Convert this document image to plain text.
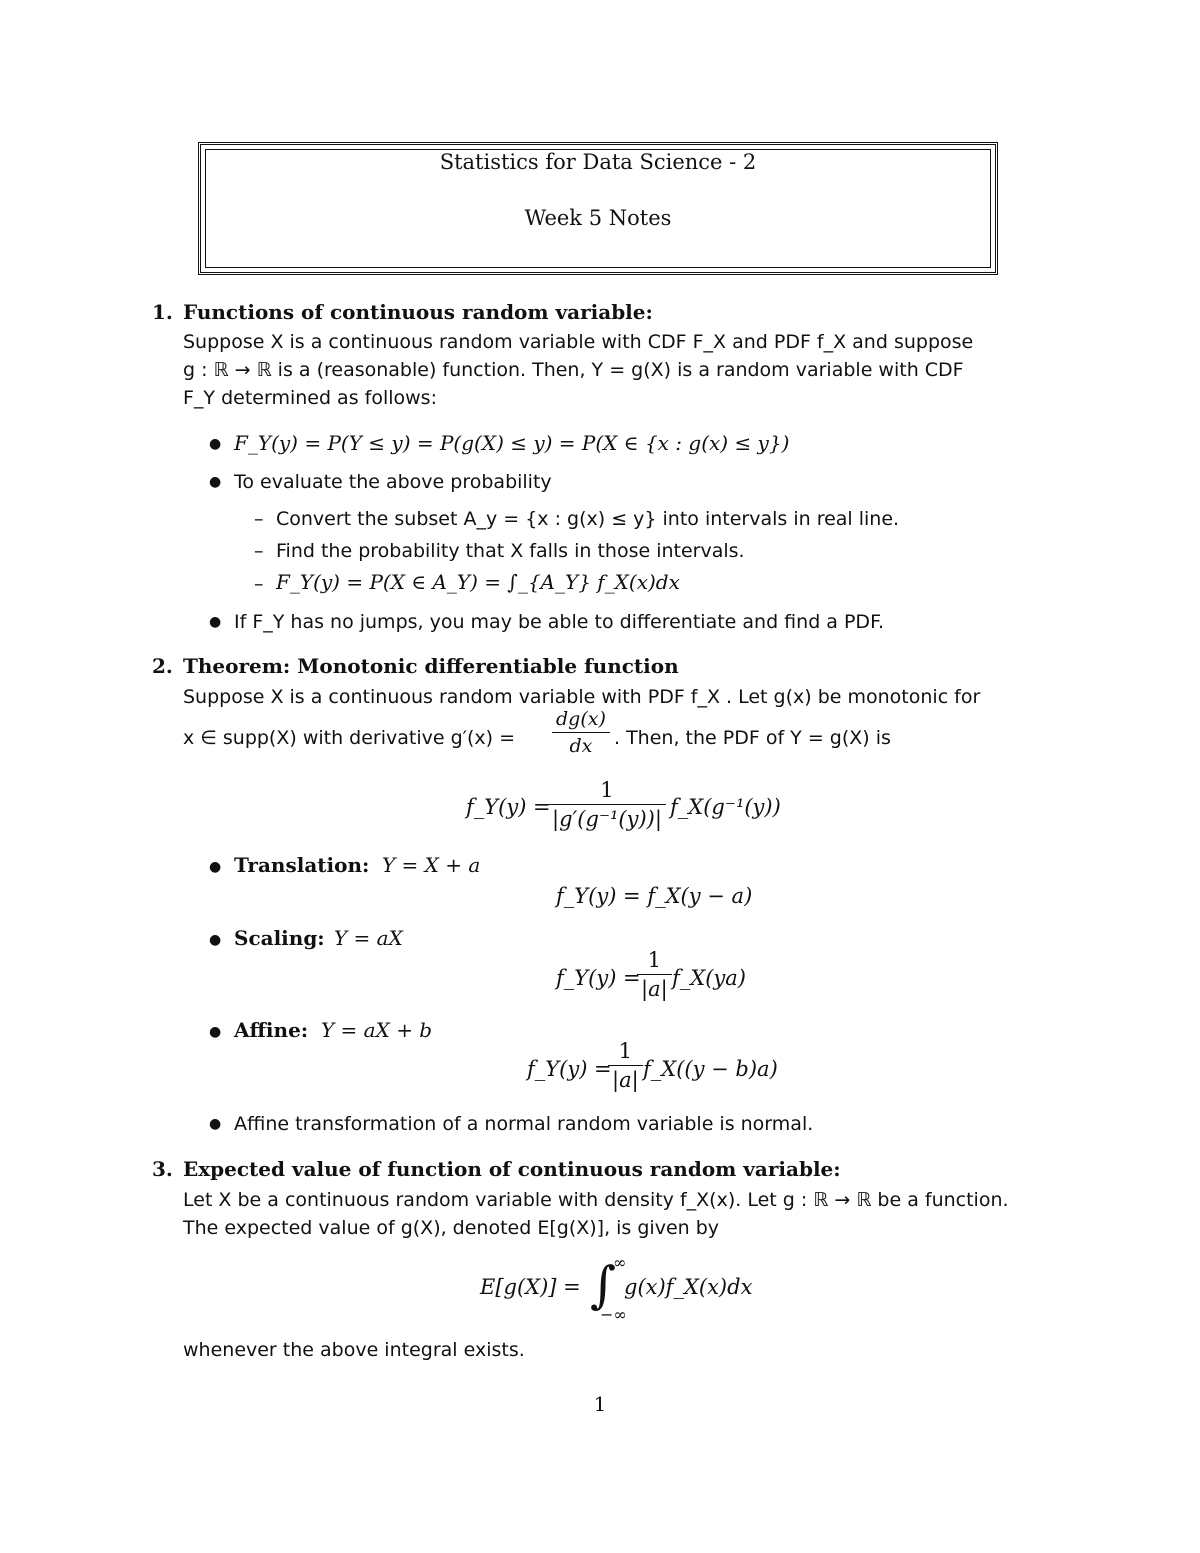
Statistics for Data Science - 2
Week 5 Notes
1. Functions of continuous random variable:
Suppose X is a continuous random variable with CDF F_X and PDF f_X and suppose
g : ℝ → ℝ is a (reasonable) function. Then, Y = g(X) is a random variable with CDF
F_Y determined as follows:
● F_Y(y) = P(Y ≤ y) = P(g(X) ≤ y) = P(X ∈ {x : g(x) ≤ y})
● To evaluate the above probability
– Convert the subset A_y = {x : g(x) ≤ y} into intervals in real line.
– Find the probability that X falls in those intervals.
– F_Y(y) = P(X ∈ A_Y) = ∫_{A_Y} f_X(x)dx
● If F_Y has no jumps, you may be able to differentiate and find a PDF.
2. Theorem: Monotonic differentiable function
Suppose X is a continuous random variable with PDF f_X . Let g(x) be monotonic for
x ∈ supp(X) with derivative $g'(x) = \frac{dg(x)}{dx}$ . Then, the PDF of Y = g(X) is
f_Y(y) =
$\frac{1}{\text{|g′(g⁻¹(y))|}}$ f_X(g⁻¹(y))
● Translation: Y = X + a
f_Y(y) = f_X(y − a)
● Scaling: Y = aX
f_Y(y) =
$\frac{1}{|a|}$ f_X(ya)
● Affine: Y = aX + b
f_Y(y) =
$\frac{1}{|a|}$ f_X((y − b)a)
● Affine transformation of a normal random variable is normal.
3. Expected value of function of continuous random variable:
Let X be a continuous random variable with density f_X(x). Let g : ℝ → ℝ be a function.
The expected value of g(X), denoted E[g(X)], is given by
E[g(X)] = ∫
∞
−∞
g(x)f_X(x)dx
whenever the above integral exists.
1
